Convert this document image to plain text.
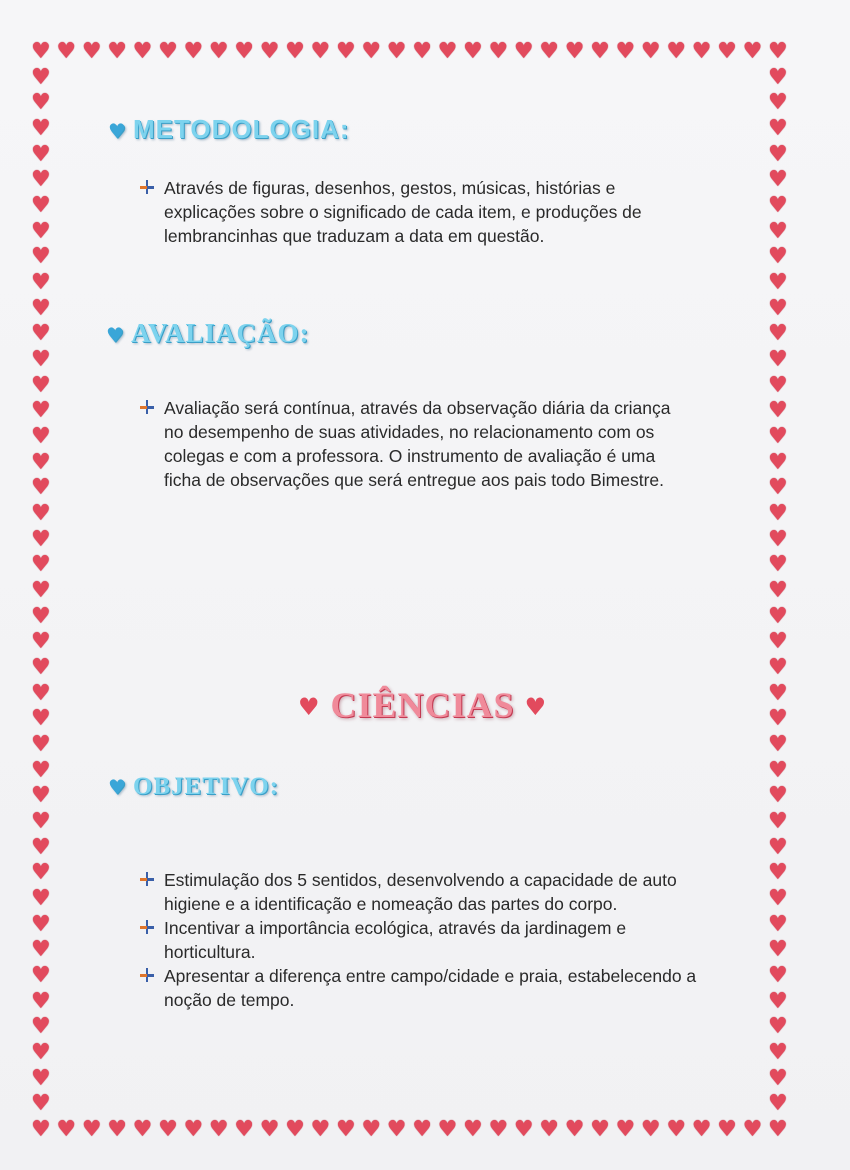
♥
♥
♥
♥
♥
♥
♥
♥
♥
♥
♥
♥
♥
♥
♥
♥
♥
♥
♥
♥
♥
♥
♥
♥
♥
♥
♥
♥
♥
♥
♥
♥
♥
♥
♥
♥
♥
♥
♥
♥
♥
♥
♥
♥
♥
♥
♥
♥
♥
♥
♥
♥
♥
♥
♥
♥
♥
♥
♥
♥
♥	♥
♥	♥
♥	♥
♥	♥
♥	♥
♥	♥
♥	♥
♥	♥
♥	♥
♥	♥
♥	♥
♥	♥
♥	♥
♥	♥
♥	♥
♥	♥
♥	♥
♥	♥
♥	♥
♥	♥
♥	♥
♥	♥
♥	♥
♥	♥
♥	♥
♥	♥
♥	♥
♥	♥
♥	♥
♥	♥
♥	♥
♥	♥
♥	♥
♥	♥
♥	♥
♥	♥
♥	♥
♥	♥
♥	♥
♥	♥
♥	♥
♥ METODOLOGIA:
Através de figuras, desenhos, gestos, músicas, histórias e explicações sobre o significado de cada item, e produções de lembrancinhas que traduzam a data em questão.
♥ AVALIAÇÃO:
Avaliação será contínua, através da observação diária da criança no desempenho de suas atividades, no relacionamento com os colegas e com a professora. O instrumento de avaliação é uma ficha de observações que será entregue aos pais todo Bimestre.
♥ CIÊNCIAS ♥
♥ OBJETIVO:
Estimulação dos 5 sentidos, desenvolvendo a capacidade de auto higiene e a identificação e nomeação das partes do corpo.
Incentivar a importância ecológica, através da jardinagem e horticultura.
Apresentar a diferença entre campo/cidade e praia, estabelecendo a noção de tempo.
